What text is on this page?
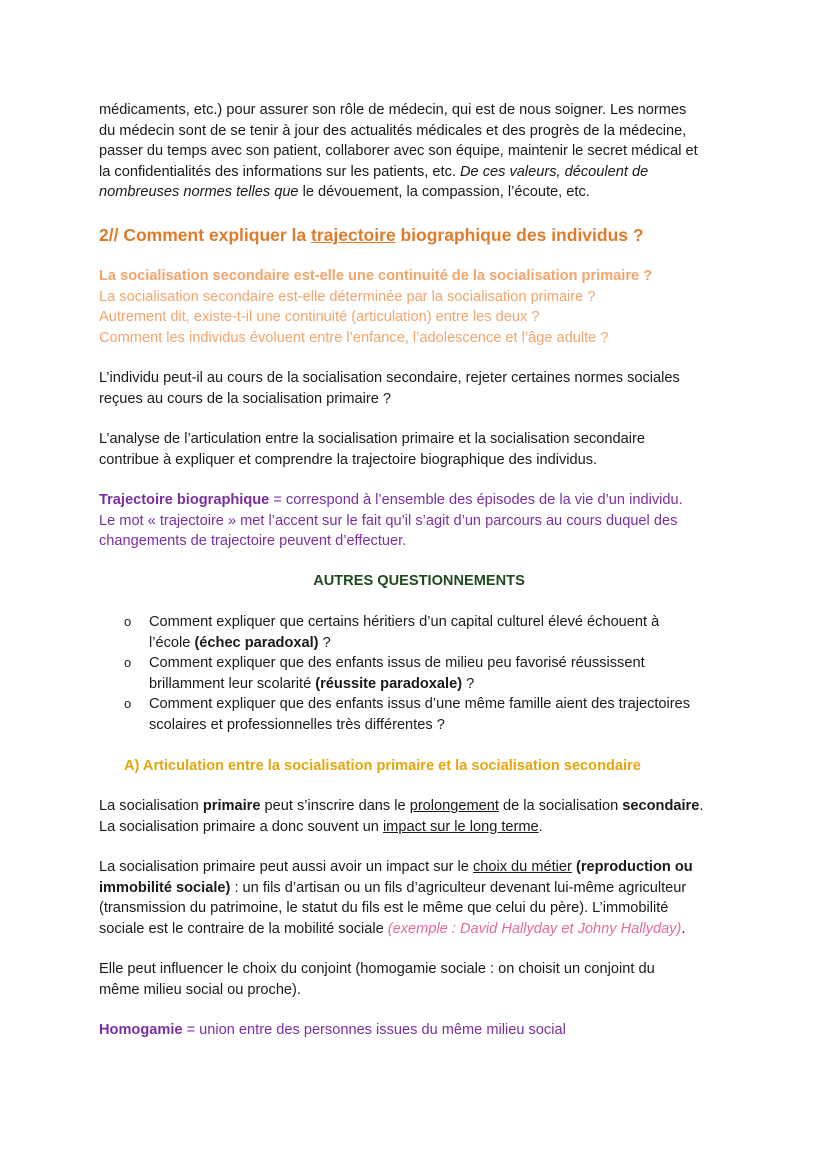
médicaments, etc.) pour assurer son rôle de médecin, qui est de nous soigner. Les normes
du médecin sont de se tenir à jour des actualités médicales et des progrès de la médecine,
passer du temps avec son patient, collaborer avec son équipe, maintenir le secret médical et
la confidentialités des informations sur les patients, etc. De ces valeurs, découlent de
nombreuses normes telles que le dévouement, la compassion, l’écoute, etc.

2// Comment expliquer la trajectoire biographique des individus ?

La socialisation secondaire est-elle une continuité de la socialisation primaire ?
La socialisation secondaire est-elle déterminée par la socialisation primaire ?
Autrement dit, existe-t-il une continuité (articulation) entre les deux ?
Comment les individus évoluent entre l’enfance, l’adolescence et l’âge adulte ?

L’individu peut-il au cours de la socialisation secondaire, rejeter certaines normes sociales
reçues au cours de la socialisation primaire ?

L’analyse de l’articulation entre la socialisation primaire et la socialisation secondaire
contribue à expliquer et comprendre la trajectoire biographique des individus.

Trajectoire biographique = correspond à l’ensemble des épisodes de la vie d’un individu.
Le mot « trajectoire » met l’accent sur le fait qu’il s’agit d’un parcours au cours duquel des
changements de trajectoire peuvent d’effectuer.

AUTRES QUESTIONNEMENTS
o Comment expliquer que certains héritiers d’un capital culturel élevé échouent à
l’école (échec paradoxal) ?
o Comment expliquer que des enfants issus de milieu peu favorisé réussissent
brillamment leur scolarité (réussite paradoxale) ?
o Comment expliquer que des enfants issus d’une même famille aient des trajectoires
scolaires et professionnelles très différentes ?
A) Articulation entre la socialisation primaire et la socialisation secondaire

La socialisation primaire peut s’inscrire dans le prolongement de la socialisation secondaire.
La socialisation primaire a donc souvent un impact sur le long terme.

La socialisation primaire peut aussi avoir un impact sur le choix du métier (reproduction ou
immobilité sociale) : un fils d’artisan ou un fils d’agriculteur devenant lui-même agriculteur
(transmission du patrimoine, le statut du fils est le même que celui du père). L’immobilité
sociale est le contraire de la mobilité sociale (exemple : David Hallyday et Johny Hallyday).

Elle peut influencer le choix du conjoint (homogamie sociale : on choisit un conjoint du
même milieu social ou proche).

Homogamie = union entre des personnes issues du même milieu social
